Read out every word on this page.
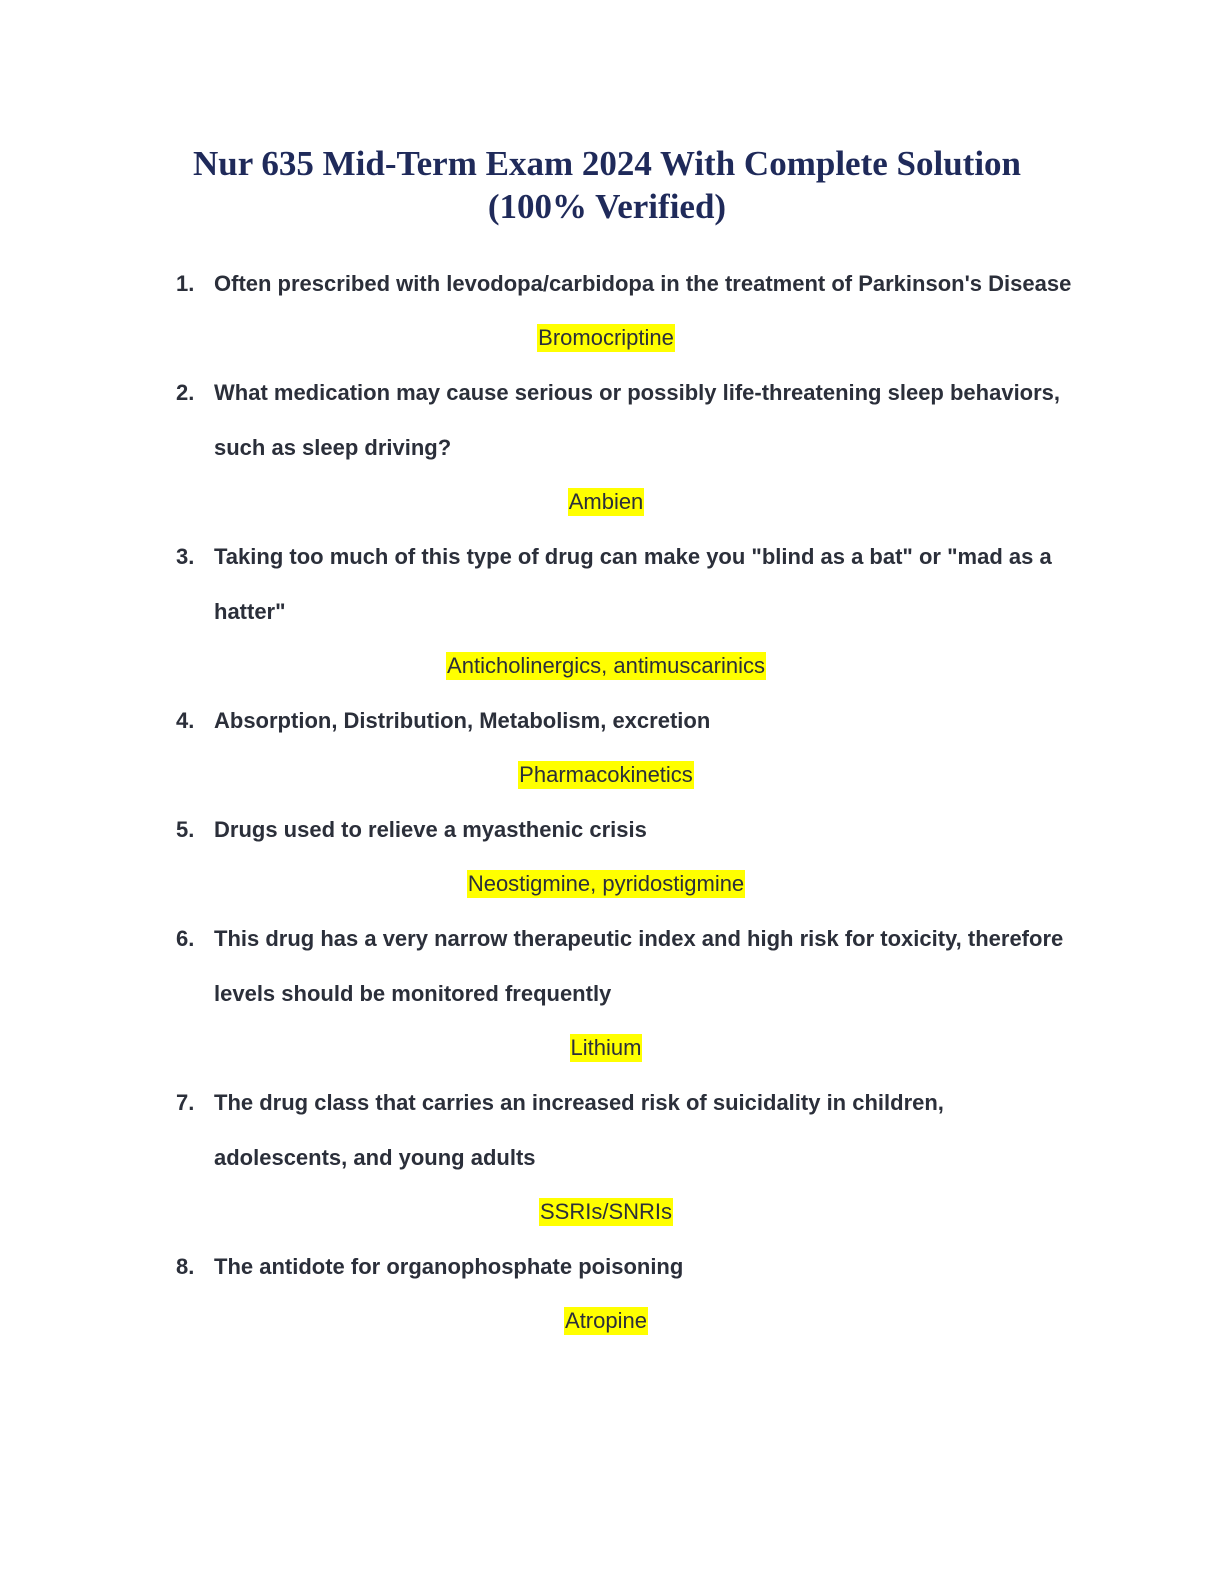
Nur 635 Mid-Term Exam 2024 With Complete Solution (100% Verified)
1. Often prescribed with levodopa/carbidopa in the treatment of Parkinson's Disease
Bromocriptine
2. What medication may cause serious or possibly life-threatening sleep behaviors, such as sleep driving?
Ambien
3. Taking too much of this type of drug can make you "blind as a bat" or "mad as a hatter"
Anticholinergics, antimuscarinics
4. Absorption, Distribution, Metabolism, excretion
Pharmacokinetics
5. Drugs used to relieve a myasthenic crisis
Neostigmine, pyridostigmine
6. This drug has a very narrow therapeutic index and high risk for toxicity, therefore levels should be monitored frequently
Lithium
7. The drug class that carries an increased risk of suicidality in children, adolescents, and young adults
SSRIs/SNRIs
8. The antidote for organophosphate poisoning
Atropine
